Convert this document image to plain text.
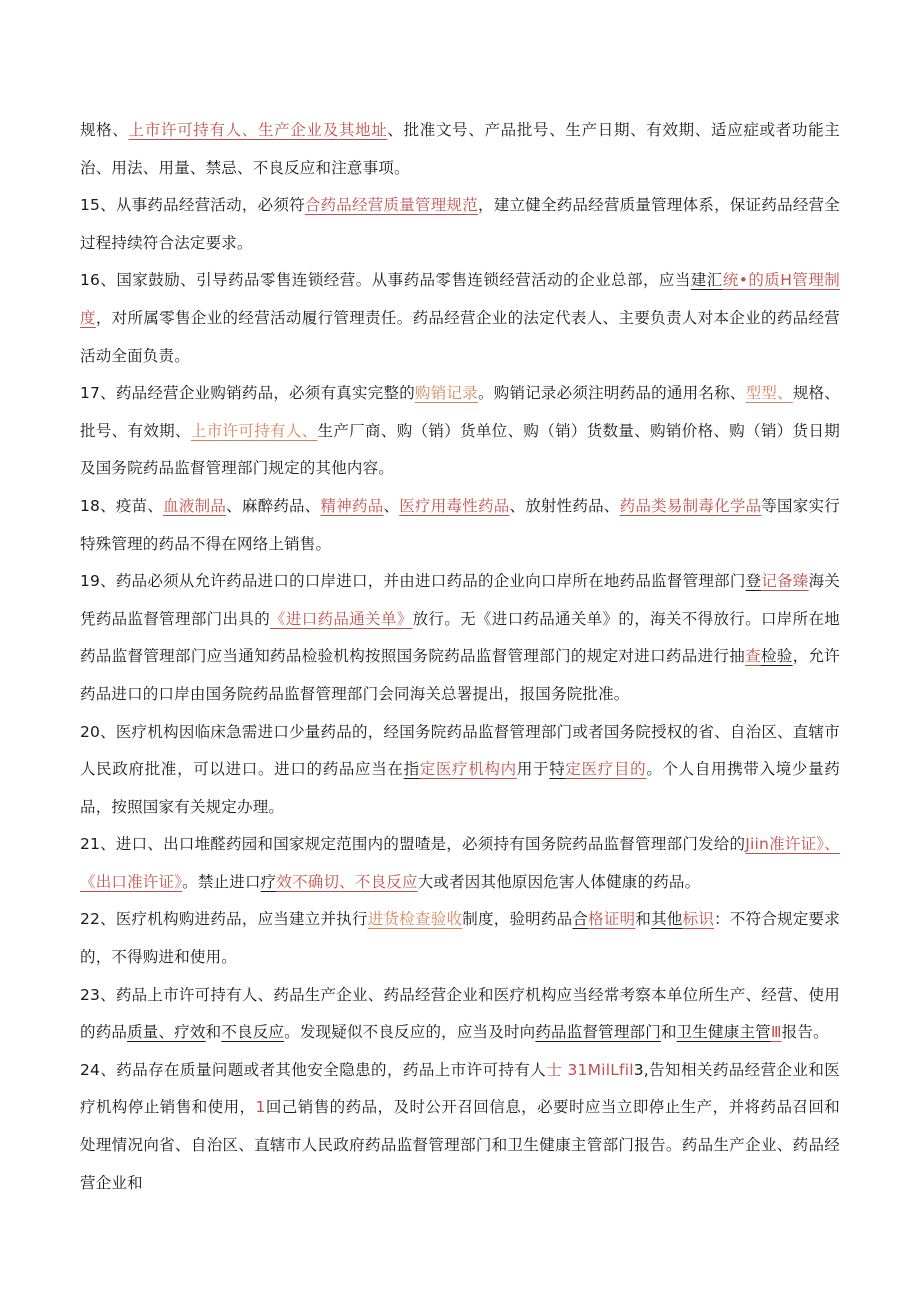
规格、上市许可持有人、生产企业及其地址、批准文号、产品批号、生产日期、有效期、适应症或者功能主治、用法、用量、禁忌、不良反应和注意事项。

15、从事药品经营活动，必须符合药品经营质量管理规范，建立健全药品经营质量管理体系，保证药品经营全过程持续符合法定要求。

16、国家鼓励、引导药品零售连锁经营。从事药品零售连锁经营活动的企业总部，应当建汇统•的质H管理制度，对所属零售企业的经营活动履行管理责任。药品经营企业的法定代表人、主要负责人对本企业的药品经营活动全面负责。

17、药品经营企业购销药品，必须有真实完整的购销记录。购销记录必须注明药品的通用名称、型型、规格、批号、有效期、上市许可持有人、生产厂商、购（销）货单位、购（销）货数量、购销价格、购（销）货日期及国务院药品监督管理部门规定的其他内容。

18、疫苗、血液制品、麻醉药品、精神药品、医疗用毒性药品、放射性药品、药品类易制毒化学品等国家实行特殊管理的药品不得在网络上销售。

19、药品必须从允许药品进口的口岸进口，并由进口药品的企业向口岸所在地药品监督管理部门登记备臻海关凭药品监督管理部门出具的《进口药品通关单》放行。无《进口药品通关单》的，海关不得放行。口岸所在地药品监督管理部门应当通知药品检验机构按照国务院药品监督管理部门的规定对进口药品进行抽查检验，允许药品进口的口岸由国务院药品监督管理部门会同海关总署提出，报国务院批准。

20、医疗机构因临床急需进口少量药品的，经国务院药品监督管理部门或者国务院授权的省、自治区、直辖市人民政府批准，可以进口。进口的药品应当在指定医疗机构内用于特定医疗目的。个人自用携带入境少量药品，按照国家有关规定办理。

21、进口、出口堆醛药园和国家规定范围内的盟喳是，必须持有国务院药品监督管理部门发给的Jiin准许证》、《出口准许证》。禁止进口疗效不确切、不良反应大或者因其他原因危害人体健康的药品。

22、医疗机构购进药品，应当建立并执行进货检查验收制度，验明药品合格证明和其他标识：不符合规定要求的，不得购进和使用。

23、药品上市许可持有人、药品生产企业、药品经营企业和医疗机构应当经常考察本单位所生产、经营、使用的药品质量、疗效和不良反应。发现疑似不良反应的，应当及时向药品监督管理部门和卫生健康主管Ⅲ报告。

24、药品存在质量问题或者其他安全隐患的，药品上市许可持有人士 31MilLfil3,告知相关药品经营企业和医疗机构停止销售和使用，1回己销售的药品，及时公开召回信息，必要时应当立即停止生产，并将药品召回和处理情况向省、自治区、直辖市人民政府药品监督管理部门和卫生健康主管部门报告。药品生产企业、药品经营企业和
